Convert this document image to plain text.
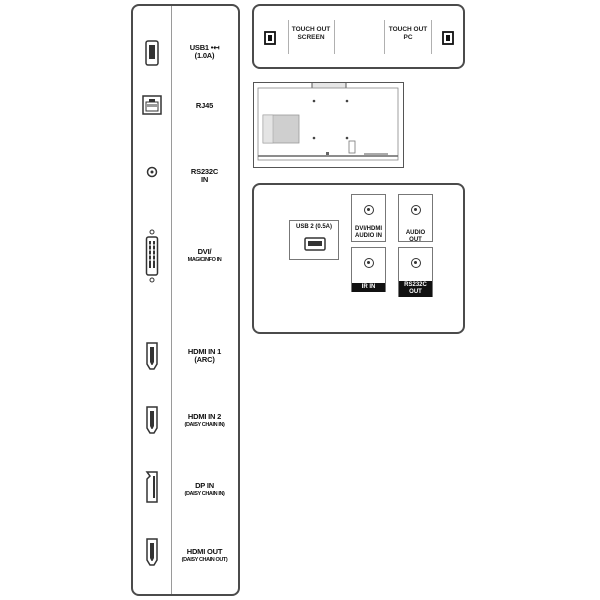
USB1 •↤
(1.0A)
RJ45
RS232C
IN
DVI/
MAGICINFO IN
HDMI IN 1
(ARC)
HDMI IN 2
(DAISY CHAIN IN)
DP IN
(DAISY CHAIN IN)
HDMI OUT
(DAISY CHAIN OUT)
TOUCH OUT
SCREEN
TOUCH OUT
PC
USB 2 (0.5A)	DVI/HDMI
AUDIO IN	AUDIO OUT
IR IN	RS232C
OUT
